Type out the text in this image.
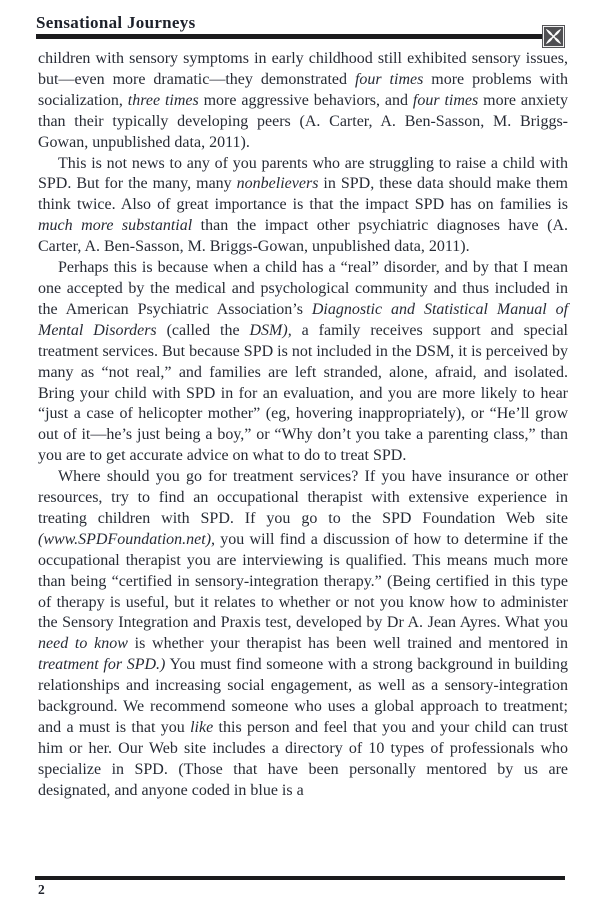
Sensational Journeys

children with sensory symptoms in early childhood still exhibited sensory issues, but—even more dramatic—they demonstrated four times more problems with socialization, three times more aggressive behaviors, and four times more anxiety than their typically developing peers (A. Carter, A. Ben-Sasson, M. Briggs-Gowan, unpublished data, 2011).

This is not news to any of you parents who are struggling to raise a child with SPD. But for the many, many nonbelievers in SPD, these data should make them think twice. Also of great importance is that the impact SPD has on families is much more substantial than the impact other psychiatric diagnoses have (A. Carter, A. Ben-Sasson, M. Briggs-Gowan, unpublished data, 2011).

Perhaps this is because when a child has a “real” disorder, and by that I mean one accepted by the medical and psychological community and thus included in the American Psychiatric Association’s Diagnostic and Statistical Manual of Mental Disorders (called the DSM), a family receives support and special treatment services. But because SPD is not included in the DSM, it is perceived by many as “not real,” and families are left stranded, alone, afraid, and isolated. Bring your child with SPD in for an evaluation, and you are more likely to hear “just a case of helicopter mother” (eg, hovering inappropriately), or “He’ll grow out of it—he’s just being a boy,” or “Why don’t you take a parenting class,” than you are to get accurate advice on what to do to treat SPD.

Where should you go for treatment services? If you have insurance or other resources, try to find an occupational therapist with extensive experience in treating children with SPD. If you go to the SPD Foundation Web site (www.SPDFoundation.net), you will find a discussion of how to determine if the occupational therapist you are interviewing is qualified. This means much more than being “certified in sensory-integration therapy.” (Being certified in this type of therapy is useful, but it relates to whether or not you know how to administer the Sensory Integration and Praxis test, developed by Dr A. Jean Ayres. What you need to know is whether your therapist has been well trained and mentored in treatment for SPD.) You must find someone with a strong background in building relationships and increasing social engagement, as well as a sensory-integration background. We recommend someone who uses a global approach to treatment; and a must is that you like this person and feel that you and your child can trust him or her. Our Web site includes a directory of 10 types of professionals who specialize in SPD. (Those that have been personally mentored by us are designated, and anyone coded in blue is a

2
